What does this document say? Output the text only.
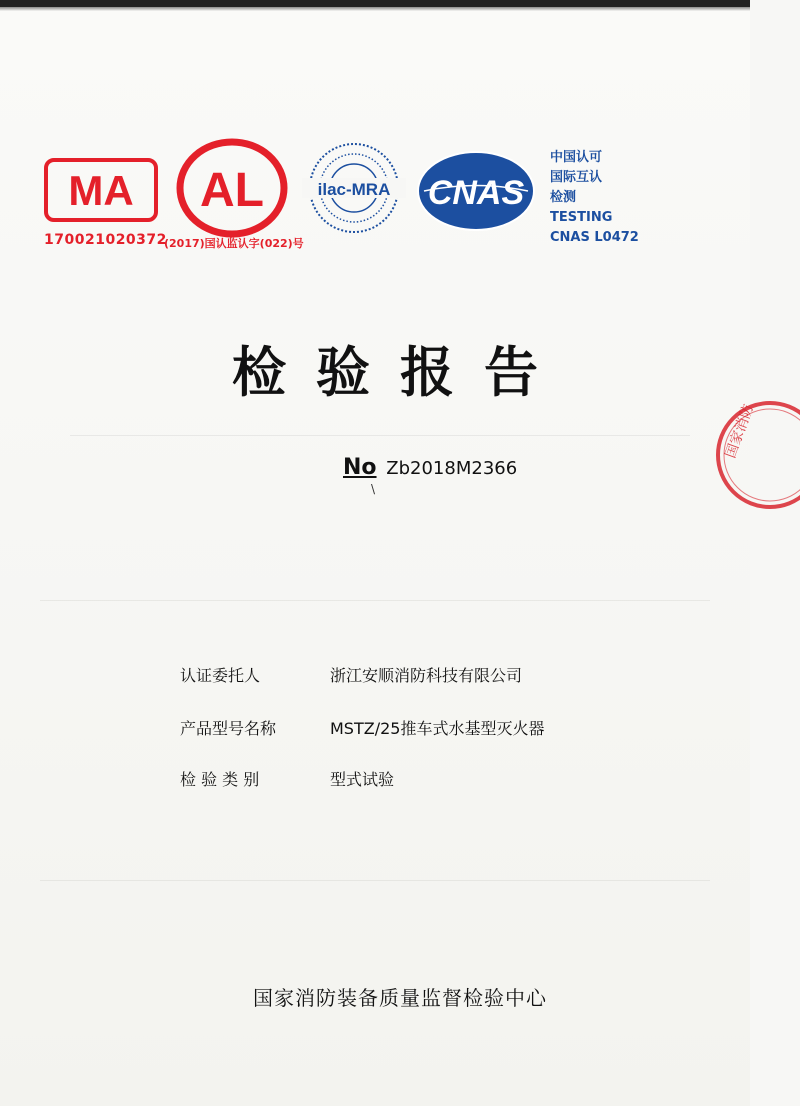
MA
170021020372
AL
(2017)国认监认字(022)号
ilac-MRA CNAS
中国认可
国际互认
检测
TESTING
CNAS L0472
检验报告
No Zb2018M2366
\
认证委托人	浙江安顺消防科技有限公司
产品型号名称	MSTZ/25推车式水基型灭火器
检 验 类 别	型式试验
国家消防装备质量监督检验中心
国家消防
